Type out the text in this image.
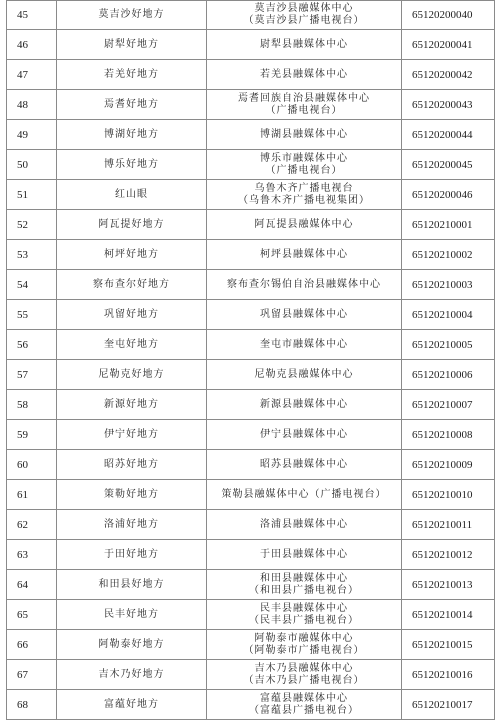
45	莫吉沙好地方	莫吉沙县融媒体中心
（莫吉沙县广播电视台）	65120200040
46	尉犁好地方	尉犁县融媒体中心	65120200041
47	若羌好地方	若羌县融媒体中心	65120200042
48	焉耆好地方	焉耆回族自治县融媒体中心
（广播电视台）	65120200043
49	博湖好地方	博湖县融媒体中心	65120200044
50	博乐好地方	博乐市融媒体中心
（广播电视台）	65120200045
51	红山眼	乌鲁木齐广播电视台
（乌鲁木齐广播电视集团）	65120200046
52	阿瓦提好地方	阿瓦提县融媒体中心	65120210001
53	柯坪好地方	柯坪县融媒体中心	65120210002
54	察布查尔好地方	察布查尔锡伯自治县融媒体中心	65120210003
55	巩留好地方	巩留县融媒体中心	65120210004
56	奎屯好地方	奎屯市融媒体中心	65120210005
57	尼勒克好地方	尼勒克县融媒体中心	65120210006
58	新源好地方	新源县融媒体中心	65120210007
59	伊宁好地方	伊宁县融媒体中心	65120210008
60	昭苏好地方	昭苏县融媒体中心	65120210009
61	策勒好地方	策勒县融媒体中心（广播电视台）	65120210010
62	洛浦好地方	洛浦县融媒体中心	65120210011
63	于田好地方	于田县融媒体中心	65120210012
64	和田县好地方	和田县融媒体中心
（和田县广播电视台）	65120210013
65	民丰好地方	民丰县融媒体中心
（民丰县广播电视台）	65120210014
66	阿勒泰好地方	阿勒泰市融媒体中心
（阿勒泰市广播电视台）	65120210015
67	吉木乃好地方	吉木乃县融媒体中心
（吉木乃县广播电视台）	65120210016
68	富蕴好地方	富蕴县融媒体中心
（富蕴县广播电视台）	65120210017
